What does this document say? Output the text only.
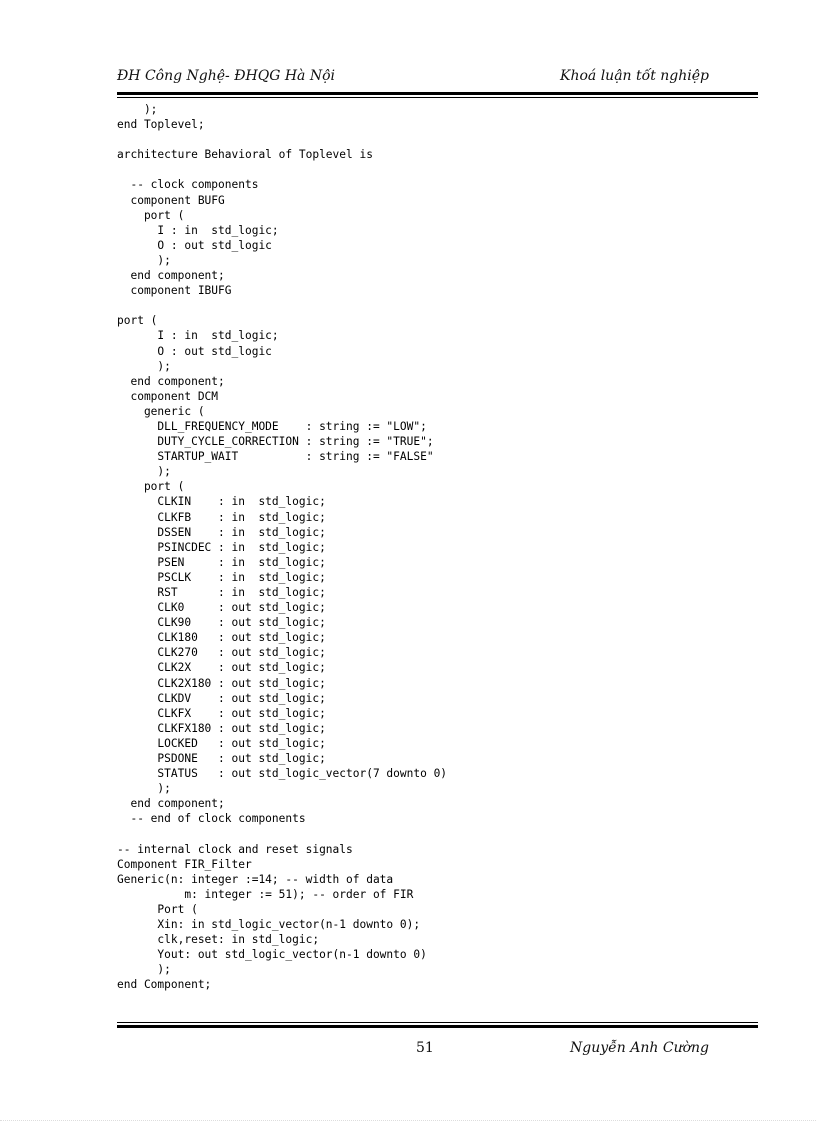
ĐH Công Nghệ- ĐHQG Hà Nội	Khoá luận tốt nghiệp
);
end Toplevel;

architecture Behavioral of Toplevel is

-- clock components
component BUFG
port (
I : in  std_logic;
O : out std_logic
);
end component;
component IBUFG

port (
I : in  std_logic;
O : out std_logic
);
end component;
component DCM
generic (
DLL_FREQUENCY_MODE    : string := "LOW";
DUTY_CYCLE_CORRECTION : string := "TRUE";
STARTUP_WAIT          : string := "FALSE"
);
port (
CLKIN    : in  std_logic;
CLKFB    : in  std_logic;
DSSEN    : in  std_logic;
PSINCDEC : in  std_logic;
PSEN     : in  std_logic;
PSCLK    : in  std_logic;
RST      : in  std_logic;
CLK0     : out std_logic;
CLK90    : out std_logic;
CLK180   : out std_logic;
CLK270   : out std_logic;
CLK2X    : out std_logic;
CLK2X180 : out std_logic;
CLKDV    : out std_logic;
CLKFX    : out std_logic;
CLKFX180 : out std_logic;
LOCKED   : out std_logic;
PSDONE   : out std_logic;
STATUS   : out std_logic_vector(7 downto 0)
);
end component;
-- end of clock components

-- internal clock and reset signals
Component FIR_Filter
Generic(n: integer :=14; -- width of data
m: integer := 51); -- order of FIR
Port (
Xin: in std_logic_vector(n-1 downto 0);
clk,reset: in std_logic;
Yout: out std_logic_vector(n-1 downto 0)
);
end Component;
51	Nguyễn Anh Cường
